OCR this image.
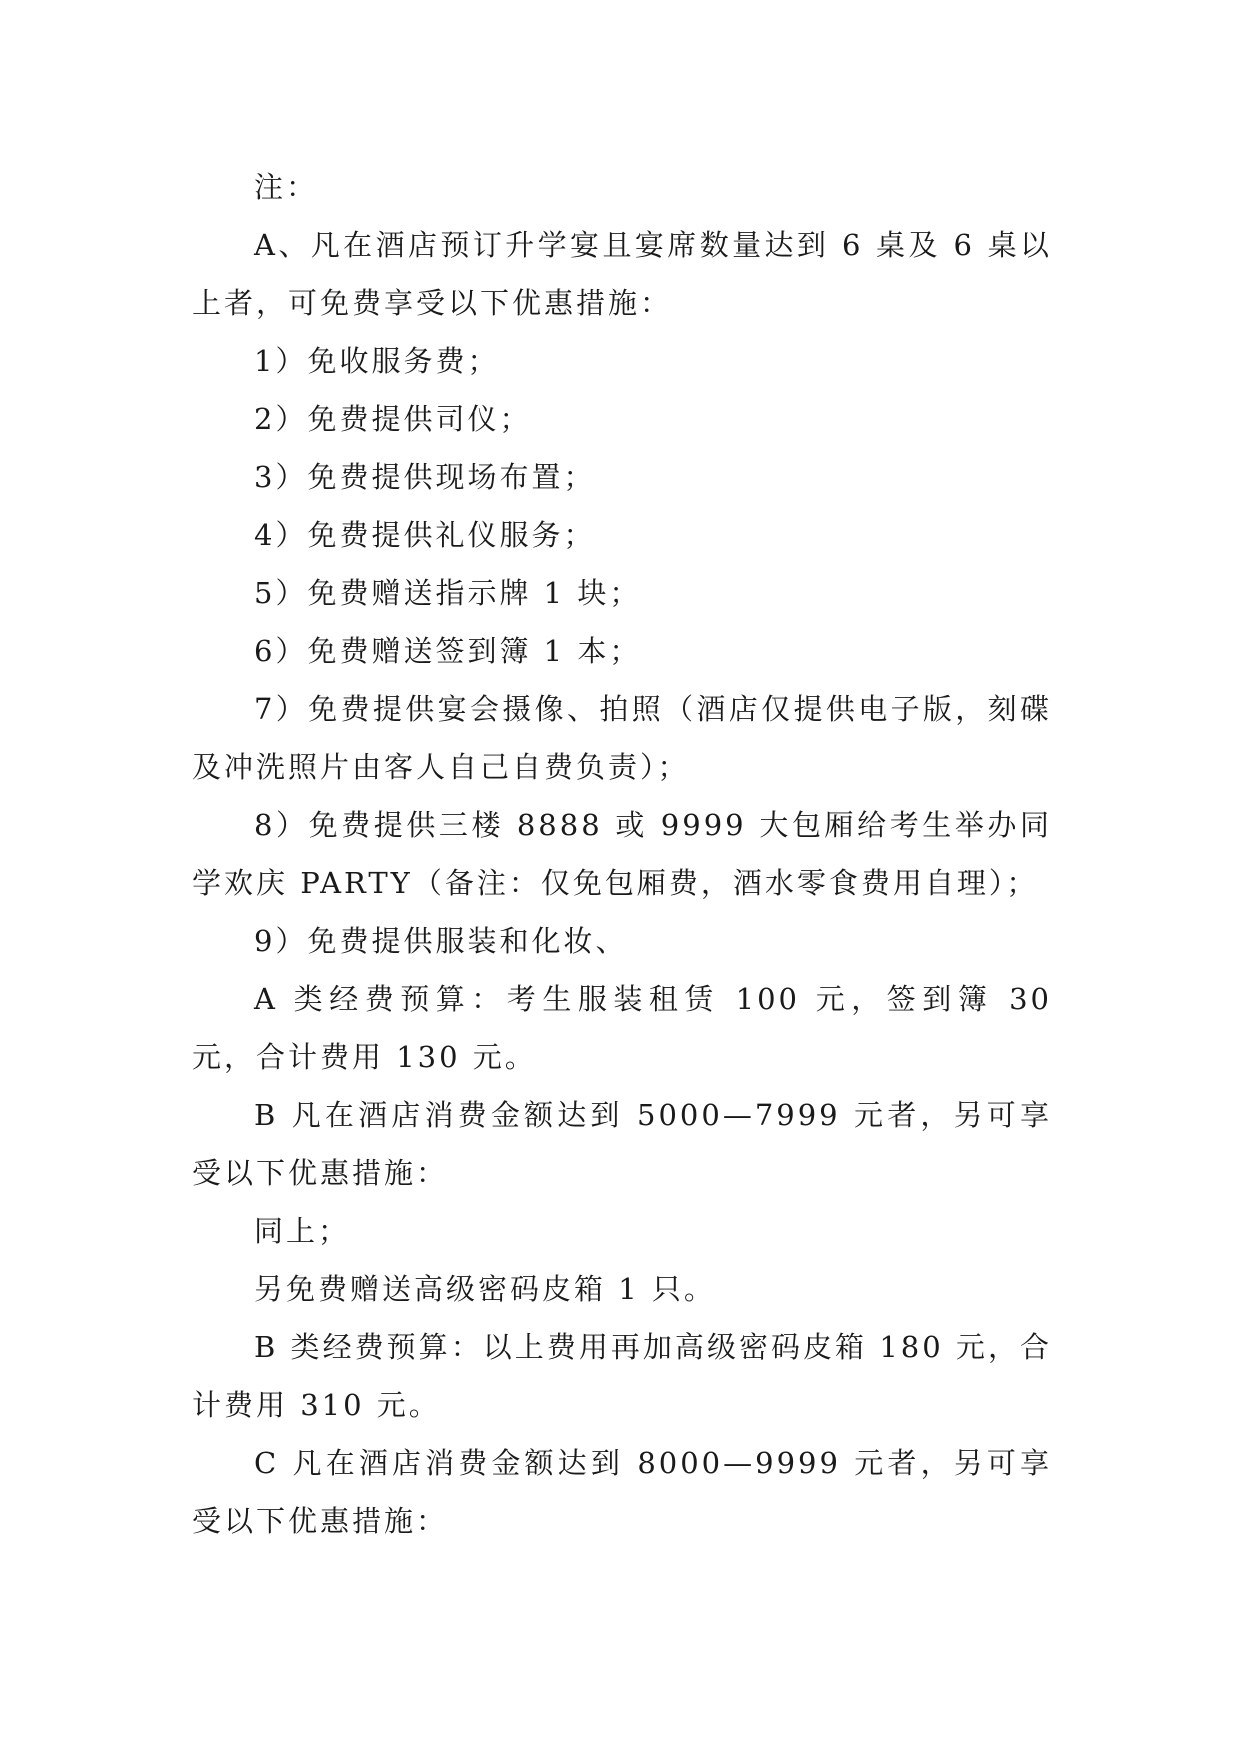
注：

A、凡在酒店预订升学宴且宴席数量达到 6 桌及 6 桌以上者，可免费享受以下优惠措施：

1）免收服务费；

2）免费提供司仪；

3）免费提供现场布置；

4）免费提供礼仪服务；

5）免费赠送指示牌 1 块；

6）免费赠送签到簿 1 本；

7）免费提供宴会摄像、拍照（酒店仅提供电子版，刻碟及冲洗照片由客人自己自费负责）；

8）免费提供三楼 8888 或 9999 大包厢给考生举办同学欢庆 PARTY（备注：仅免包厢费，酒水零食费用自理）；

9）免费提供服装和化妆、

A 类经费预算：考生服装租赁 100 元，签到簿 30 元，合计费用 130 元。

B 凡在酒店消费金额达到 5000—7999 元者，另可享受以下优惠措施：

同上；

另免费赠送高级密码皮箱 1 只。

B 类经费预算：以上费用再加高级密码皮箱 180 元，合计费用 310 元。

C 凡在酒店消费金额达到 8000—9999 元者，另可享受以下优惠措施：
